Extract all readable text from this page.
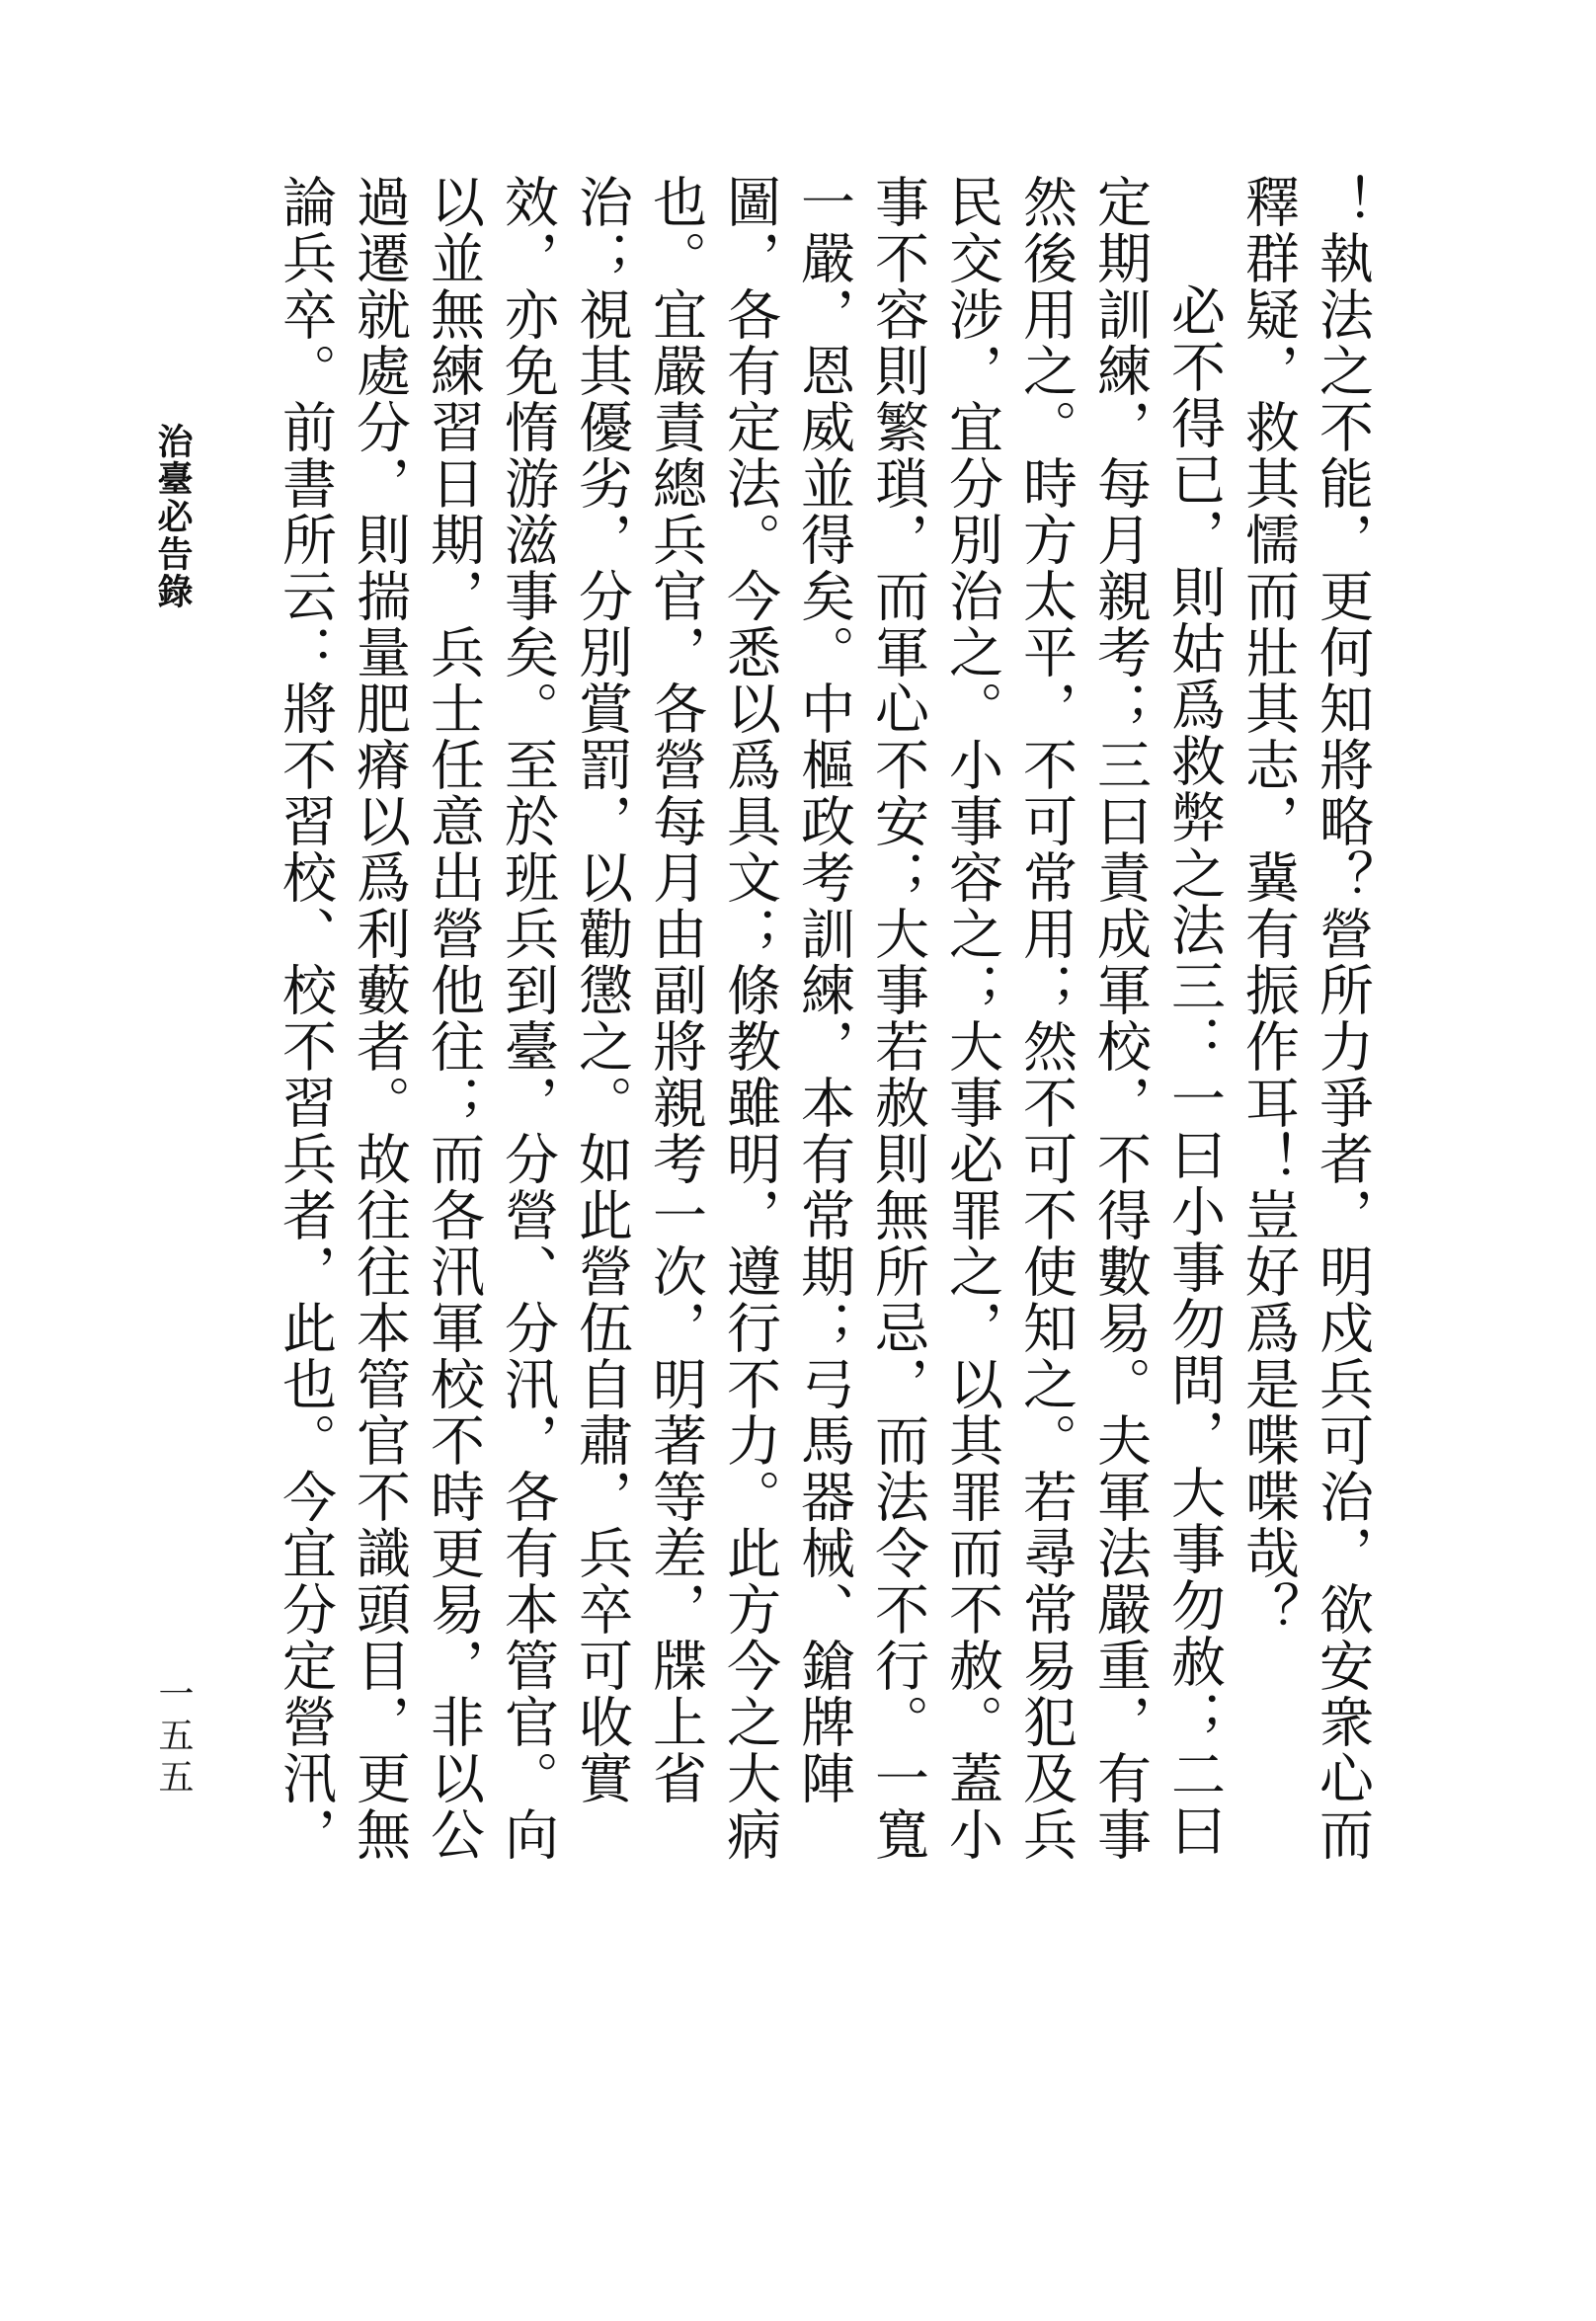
！執法之不能，更何知將略？營所力爭者，明戍兵可治，欲安衆心而釋群疑，救其懦而壯其志，冀有振作耳！豈好爲是喋喋哉？

必不得已，則姑爲救弊之法三：一曰小事勿問，大事勿赦；二曰定期訓練，每月親考；三曰責成軍校，不得數易。夫軍法嚴重，有事然後用之。時方太平，不可常用；然不可不使知之。若尋常易犯及兵民交涉，宜分別治之。小事容之；大事必罪之，以其罪而不赦。蓋小事不容則繁瑣，而軍心不安；大事若赦則無所忌，而法令不行。一寬一嚴，恩威並得矣。中樞政考訓練，本有常期；弓馬器械、鎗牌陣圖，各有定法。今悉以爲具文；條教雖明，遵行不力。此方今之大病也。宜嚴責總兵官，各營每月由副將親考一次，明著等差，牒上省治；視其優劣，分別賞罰，以勸懲之。如此營伍自肅，兵卒可收實效，亦免惰游滋事矣。至於班兵到臺，分營、分汛，各有本管官。向以並無練習日期，兵士任意出營他往；而各汛軍校不時更易，非以公過遷就處分，則揣量肥瘠以爲利藪者。故往往本管官不識頭目，更無論兵卒。前書所云：將不習校、校不習兵者，此也。今宜分定營汛，

治臺必告錄
一五五
